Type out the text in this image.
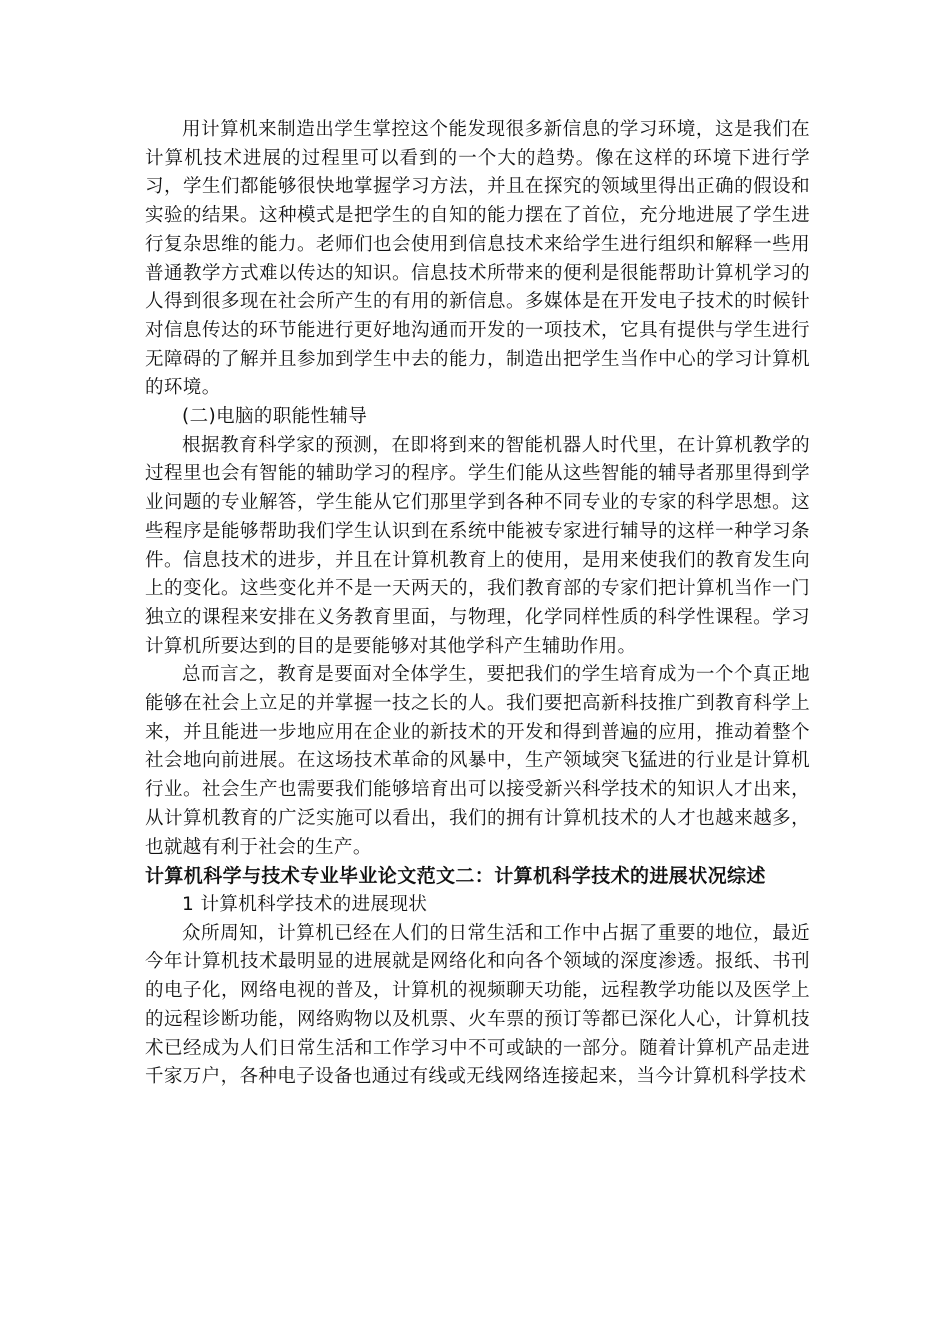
用计算机来制造出学生掌控这个能发现很多新信息的学习环境，这是我们在计算机技术进展的过程里可以看到的一个大的趋势。像在这样的环境下进行学习，学生们都能够很快地掌握学习方法，并且在探究的领域里得出正确的假设和实验的结果。这种模式是把学生的自知的能力摆在了首位，充分地进展了学生进行复杂思维的能力。老师们也会使用到信息技术来给学生进行组织和解释一些用普通教学方式难以传达的知识。信息技术所带来的便利是很能帮助计算机学习的人得到很多现在社会所产生的有用的新信息。多媒体是在开发电子技术的时候针对信息传达的环节能进行更好地沟通而开发的一项技术，它具有提供与学生进行无障碍的了解并且参加到学生中去的能力，制造出把学生当作中心的学习计算机的环境。

(二)电脑的职能性辅导

根据教育科学家的预测，在即将到来的智能机器人时代里，在计算机教学的过程里也会有智能的辅助学习的程序。学生们能从这些智能的辅导者那里得到学业问题的专业解答，学生能从它们那里学到各种不同专业的专家的科学思想。这些程序是能够帮助我们学生认识到在系统中能被专家进行辅导的这样一种学习条件。信息技术的进步，并且在计算机教育上的使用，是用来使我们的教育发生向上的变化。这些变化并不是一天两天的，我们教育部的专家们把计算机当作一门独立的课程来安排在义务教育里面，与物理，化学同样性质的科学性课程。学习计算机所要达到的目的是要能够对其他学科产生辅助作用。

总而言之，教育是要面对全体学生，要把我们的学生培育成为一个个真正地能够在社会上立足的并掌握一技之长的人。我们要把高新科技推广到教育科学上来，并且能进一步地应用在企业的新技术的开发和得到普遍的应用，推动着整个社会地向前进展。在这场技术革命的风暴中，生产领域突飞猛进的行业是计算机行业。社会生产也需要我们能够培育出可以接受新兴科学技术的知识人才出来，从计算机教育的广泛实施可以看出，我们的拥有计算机技术的人才也越来越多，也就越有利于社会的生产。

计算机科学与技术专业毕业论文范文二：计算机科学技术的进展状况综述

1 计算机科学技术的进展现状

众所周知，计算机已经在人们的日常生活和工作中占据了重要的地位，最近今年计算机技术最明显的进展就是网络化和向各个领域的深度渗透。报纸、书刊的电子化，网络电视的普及，计算机的视频聊天功能，远程教学功能以及医学上的远程诊断功能，网络购物以及机票、火车票的预订等都已深化人心，计算机技术已经成为人们日常生活和工作学习中不可或缺的一部分。随着计算机产品走进千家万户，各种电子设备也通过有线或无线网络连接起来，当今计算机科学技术
